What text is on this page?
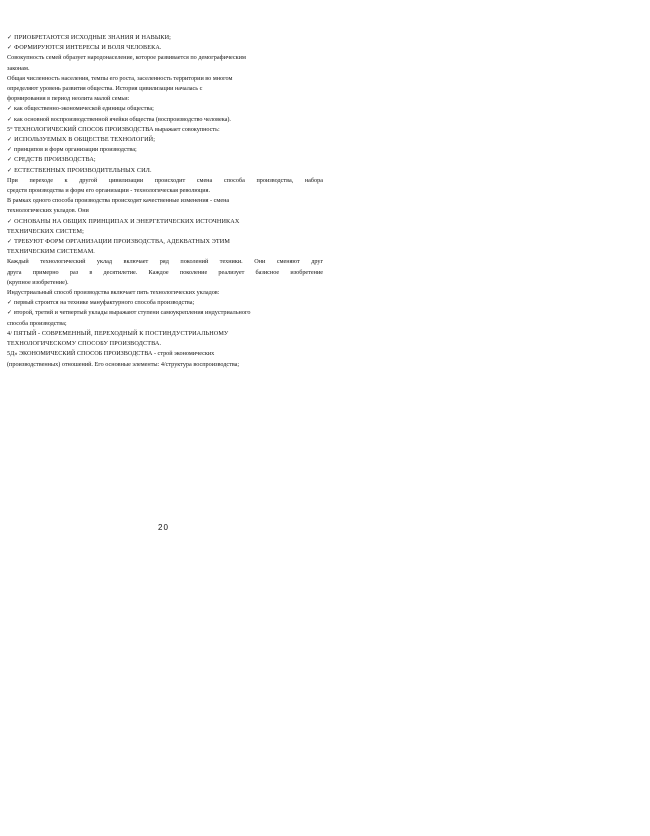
✓ ПРИОБРЕТАЮТСЯ ИСХОДНЫЕ ЗНАНИЯ И НАВЫКИ;
✓ ФОРМИРУЮТСЯ ИНТЕРЕСЫ И ВОЛЯ ЧЕЛОВЕКА.
Совокупность семей образует народонаселение, которое развивается по демографическим
законам.
Общая численность населения, темпы его роста, заселенность территории во многом
определяют уровень развития общества. История цивилизации началась с
формирования в период неолита малой семьи:
✓ как общественно-экономической единицы общества;
✓ как основной воспроизводственной ячейки общества (воспроизводство человека).
5° ТЕХНОЛОГИЧЕСКИЙ СПОСОБ ПРОИЗВОДСТВА выражает совокупность:
✓ ИСПОЛЬЗУЕМЫХ В ОБЩЕСТВЕ ТЕХНОЛОГИЙ;
✓ принципов и форм организации производства;
✓ СРЕДСТВ ПРОИЗВОДСТВА;
✓ ЕСТЕСТВЕННЫХ ПРОИЗВОДИТЕЛЬНЫХ СИЛ.
При переходе к другой цивилизации происходит смена способа производства, набора
средств производства и форм его организации - технологическая революция.
В рамках одного способа производства происходят качественные изменения - смена
технологических укладов. Они
✓ ОСНОВАНЫ НА ОБЩИХ ПРИНЦИПАХ И ЭНЕРГЕТИЧЕСКИХ ИСТОЧНИКАХ
ТЕХНИЧЕСКИХ СИСТЕМ;
✓ ТРЕБУЮТ ФОРМ ОРГАНИЗАЦИИ ПРОИЗВОДСТВА, АДЕКВАТНЫХ ЭТИМ
ТЕХНИЧЕСКИМ СИСТЕМАМ.
Каждый технологический уклад включает ряд поколений техники. Они сменяют друг
друга примерно раз в десятилетие. Каждое поколение реализует базисное изобретение
(крупное изобретение).
Индустриальный способ производства включает пять технологических укладов:
✓ первый строится на технике мануфактурного способа производства;
✓ второй, третий и четвертый уклады выражают ступени самоукрепления индустриального
способа производства;
4/ ПЯТЫЙ - СОВРЕМЕННЫЙ, ПЕРЕХОДНЫЙ К ПОСТИНДУСТРИАЛЬНОМУ
ТЕХНОЛОГИЧЕСКОМУ СПОСОБУ ПРОИЗВОДСТВА.
5Д» ЭКОНОМИЧЕСКИЙ СПОСОБ ПРОИЗВОДСТВА - строй экономических
(производственных) отношений. Его основные элементы: 4/структура воспроизводства;
20
